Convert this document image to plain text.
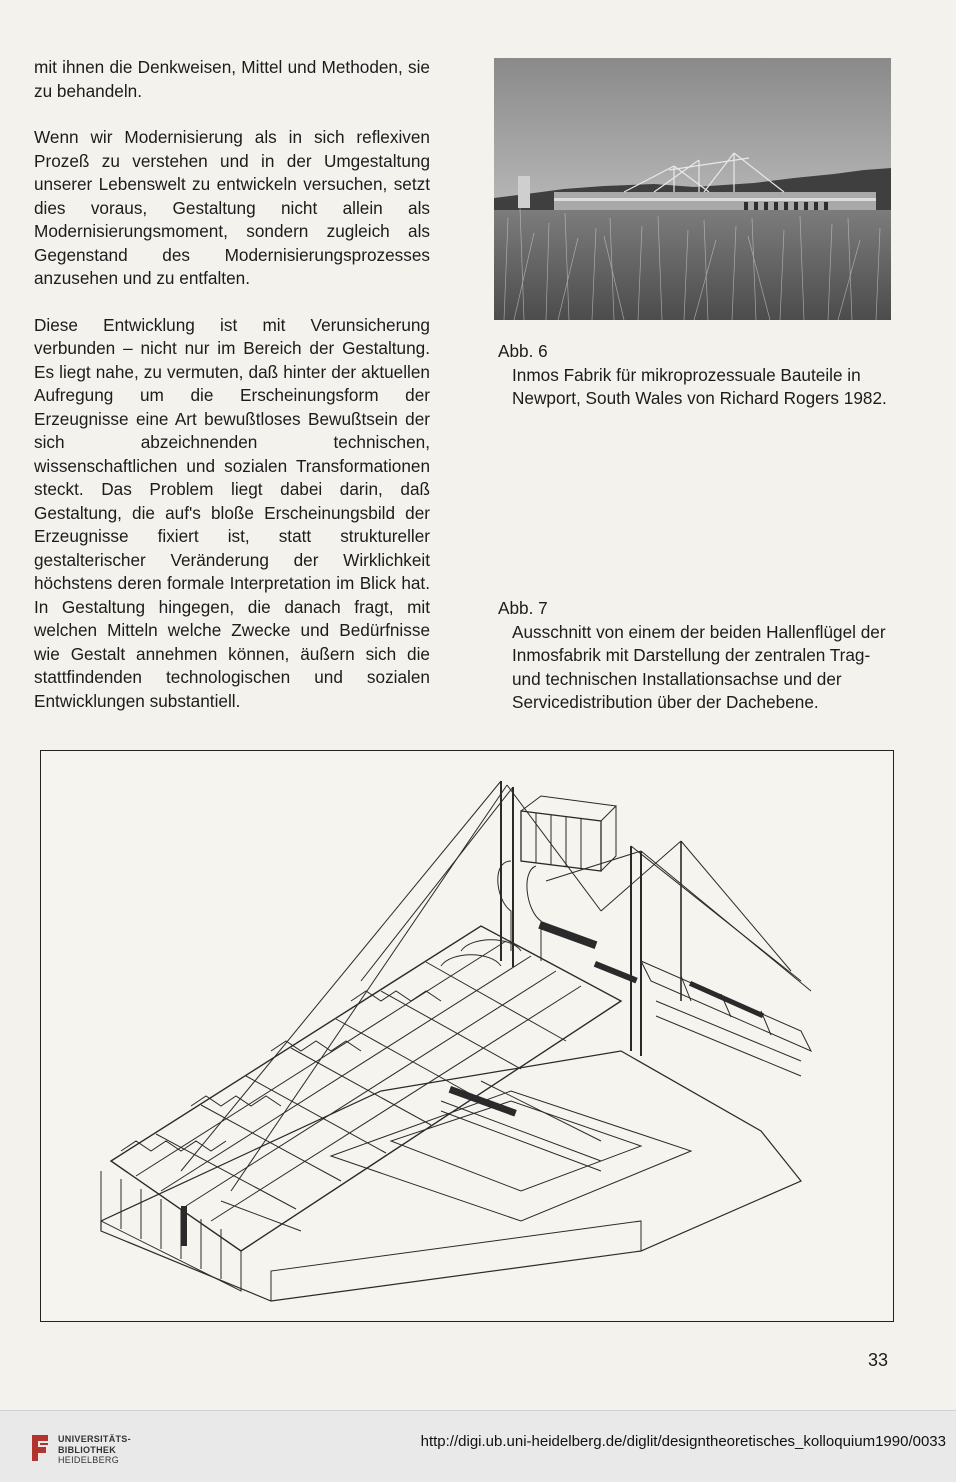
mit ihnen die Denkweisen, Mittel und Methoden, sie zu behandeln.

Wenn wir Modernisierung als in sich reflexiven Prozeß zu verstehen und in der Umgestaltung unserer Lebenswelt zu entwickeln versuchen, setzt dies voraus, Gestaltung nicht allein als Modernisierungsmoment, sondern zugleich als Gegenstand des Modernisierungsprozesses anzusehen und zu entfalten.

Diese Entwicklung ist mit Verunsicherung verbunden – nicht nur im Bereich der Gestaltung. Es liegt nahe, zu vermuten, daß hinter der aktuellen Aufregung um die Erscheinungsform der Erzeugnisse eine Art bewußtloses Bewußtsein der sich abzeichnenden technischen, wissenschaftlichen und sozialen Transformationen steckt. Das Problem liegt dabei darin, daß Gestaltung, die auf's bloße Erscheinungsbild der Erzeugnisse fixiert ist, statt struktureller gestalterischer Veränderung der Wirklichkeit höchstens deren formale Interpretation im Blick hat. In Gestaltung hingegen, die danach fragt, mit welchen Mitteln welche Zwecke und Bedürfnisse wie Gestalt annehmen können, äußern sich die stattfindenden technologischen und sozialen Entwicklungen substantiell.

Abb. 6
Inmos Fabrik für mikroprozessuale Bauteile in Newport, South Wales von Richard Rogers 1982.
Abb. 7
Ausschnitt von einem der beiden Hallenflügel der Inmosfabrik mit Darstellung der zentralen Trag- und technischen Installationsachse und der Servicedistribution über der Dachebene.
33
UNIVERSITÄTS-
BIBLIOTHEK
HEIDELBERG
http://digi.ub.uni-heidelberg.de/diglit/designtheoretisches_kolloquium1990/0033
